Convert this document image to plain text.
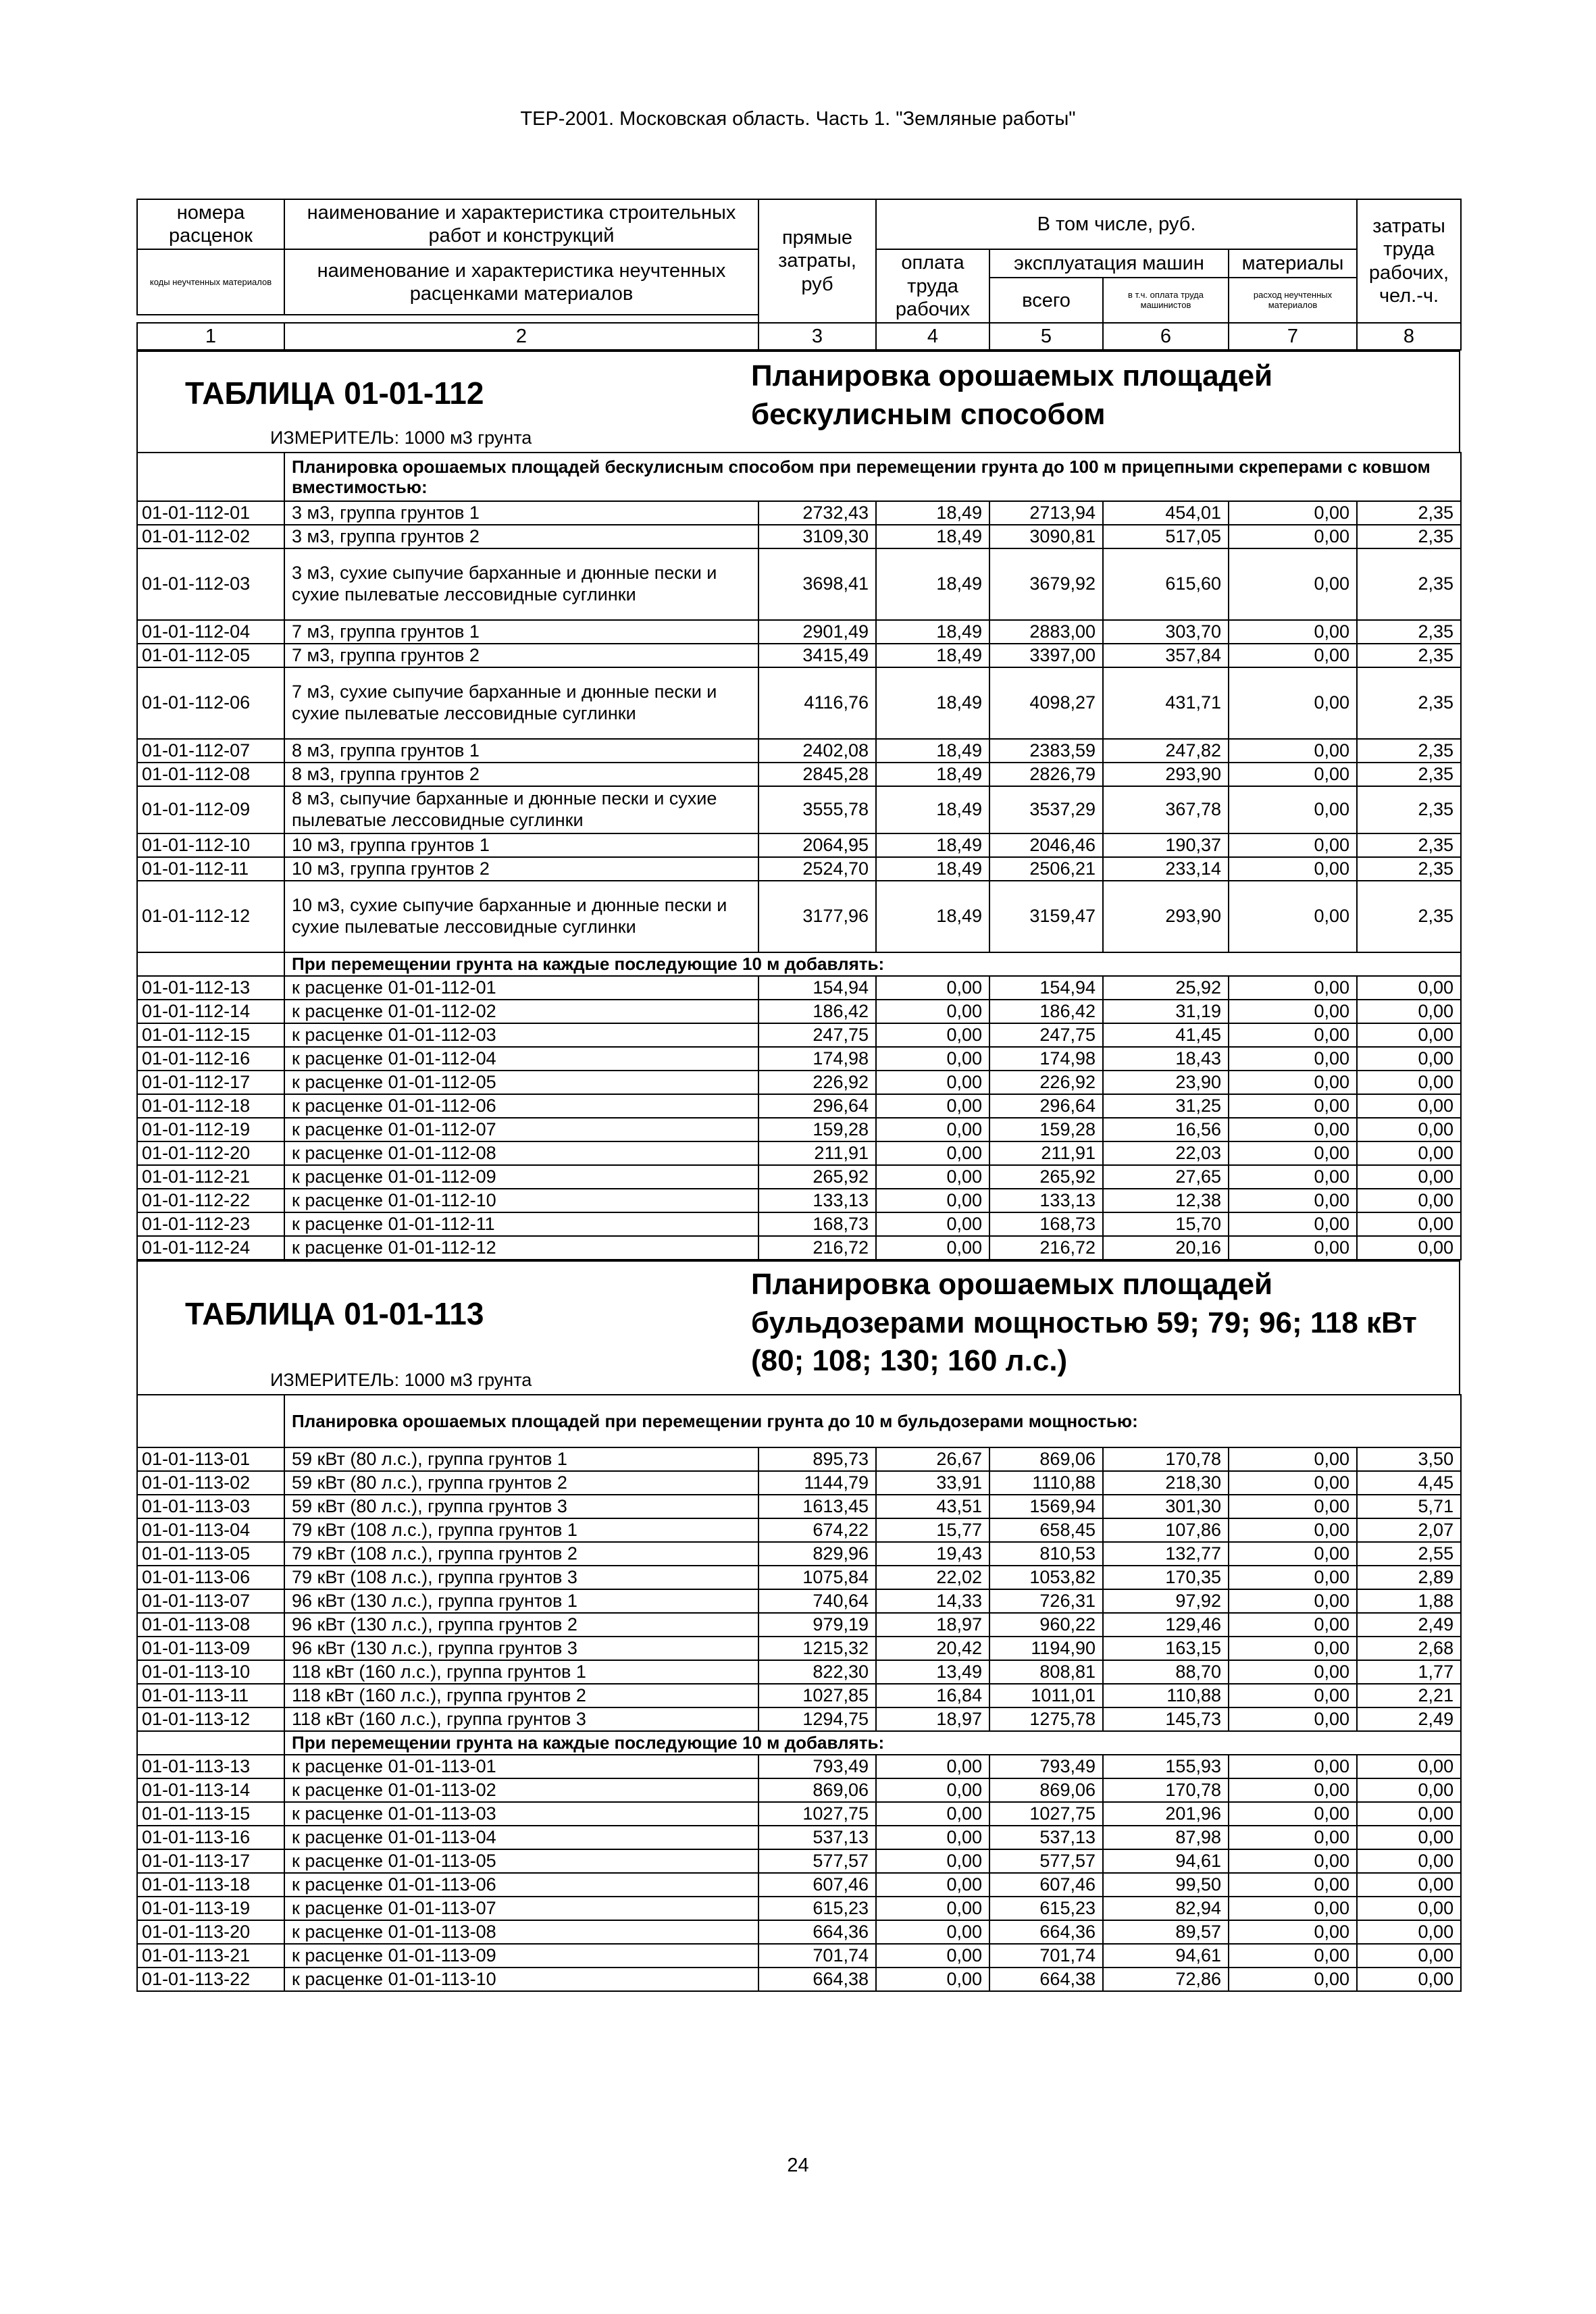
ТЕР-2001. Московская область. Часть 1. "Земляные работы"
номера расценок	наименование и характеристика строительных работ и конструкций	прямые затраты, руб	В том числе, руб.				затраты труда рабочих, чел.-ч.
коды неучтенных материалов	наименование и характеристика неучтенных расценками материалов		оплата труда рабочих	эксплуатация машин		материалы	
				всего	в т.ч. оплата труда машинистов	расход неучтенных материалов	

1	2	3	4	5	6	7	8
ТАБЛИЦА 01-01-112	Планировка орошаемых площадей бескулисным способом
ИЗМЕРИТЕЛЬ: 1000 м3 грунта
	Планировка орошаемых площадей бескулисным способом при перемещении грунта до 100 м прицепными скреперами с ковшом вместимостью:						
01-01-112-01	3 м3, группа грунтов 1	2732,43	18,49	2713,94	454,01	0,00	2,35
01-01-112-02	3 м3, группа грунтов 2	3109,30	18,49	3090,81	517,05	0,00	2,35
01-01-112-03	3 м3, сухие сыпучие барханные и дюнные пески и сухие пылеватые лессовидные суглинки	3698,41	18,49	3679,92	615,60	0,00	2,35
01-01-112-04	7 м3, группа грунтов 1	2901,49	18,49	2883,00	303,70	0,00	2,35
01-01-112-05	7 м3, группа грунтов 2	3415,49	18,49	3397,00	357,84	0,00	2,35
01-01-112-06	7 м3, сухие сыпучие барханные и дюнные пески и сухие пылеватые лессовидные суглинки	4116,76	18,49	4098,27	431,71	0,00	2,35
01-01-112-07	8 м3, группа грунтов 1	2402,08	18,49	2383,59	247,82	0,00	2,35
01-01-112-08	8 м3, группа грунтов 2	2845,28	18,49	2826,79	293,90	0,00	2,35
01-01-112-09	8 м3, сыпучие барханные и дюнные пески и сухие пылеватые лессовидные суглинки	3555,78	18,49	3537,29	367,78	0,00	2,35
01-01-112-10	10 м3, группа грунтов 1	2064,95	18,49	2046,46	190,37	0,00	2,35
01-01-112-11	10 м3, группа грунтов 2	2524,70	18,49	2506,21	233,14	0,00	2,35
01-01-112-12	10 м3, сухие сыпучие барханные и дюнные пески и сухие пылеватые лессовидные суглинки	3177,96	18,49	3159,47	293,90	0,00	2,35
	При перемещении грунта на каждые последующие 10 м добавлять:						
01-01-112-13	к расценке 01-01-112-01	154,94	0,00	154,94	25,92	0,00	0,00
01-01-112-14	к расценке 01-01-112-02	186,42	0,00	186,42	31,19	0,00	0,00
01-01-112-15	к расценке 01-01-112-03	247,75	0,00	247,75	41,45	0,00	0,00
01-01-112-16	к расценке 01-01-112-04	174,98	0,00	174,98	18,43	0,00	0,00
01-01-112-17	к расценке 01-01-112-05	226,92	0,00	226,92	23,90	0,00	0,00
01-01-112-18	к расценке 01-01-112-06	296,64	0,00	296,64	31,25	0,00	0,00
01-01-112-19	к расценке 01-01-112-07	159,28	0,00	159,28	16,56	0,00	0,00
01-01-112-20	к расценке 01-01-112-08	211,91	0,00	211,91	22,03	0,00	0,00
01-01-112-21	к расценке 01-01-112-09	265,92	0,00	265,92	27,65	0,00	0,00
01-01-112-22	к расценке 01-01-112-10	133,13	0,00	133,13	12,38	0,00	0,00
01-01-112-23	к расценке 01-01-112-11	168,73	0,00	168,73	15,70	0,00	0,00
01-01-112-24	к расценке 01-01-112-12	216,72	0,00	216,72	20,16	0,00	0,00
ТАБЛИЦА 01-01-113
Планировка орошаемых площадей бульдозерами мощностью 59; 79; 96; 118 кВт (80; 108; 130; 160 л.с.)
ИЗМЕРИТЕЛЬ: 1000 м3 грунта
	Планировка орошаемых площадей при перемещении грунта до 10 м бульдозерами мощностью:						
01-01-113-01	59 кВт (80 л.с.), группа грунтов 1	895,73	26,67	869,06	170,78	0,00	3,50
01-01-113-02	59 кВт (80 л.с.), группа грунтов 2	1144,79	33,91	1110,88	218,30	0,00	4,45
01-01-113-03	59 кВт (80 л.с.), группа грунтов 3	1613,45	43,51	1569,94	301,30	0,00	5,71
01-01-113-04	79 кВт (108 л.с.), группа грунтов 1	674,22	15,77	658,45	107,86	0,00	2,07
01-01-113-05	79 кВт (108 л.с.), группа грунтов 2	829,96	19,43	810,53	132,77	0,00	2,55
01-01-113-06	79 кВт (108 л.с.), группа грунтов 3	1075,84	22,02	1053,82	170,35	0,00	2,89
01-01-113-07	96 кВт (130 л.с.), группа грунтов 1	740,64	14,33	726,31	97,92	0,00	1,88
01-01-113-08	96 кВт (130 л.с.), группа грунтов 2	979,19	18,97	960,22	129,46	0,00	2,49
01-01-113-09	96 кВт (130 л.с.), группа грунтов 3	1215,32	20,42	1194,90	163,15	0,00	2,68
01-01-113-10	118 кВт (160 л.с.), группа грунтов 1	822,30	13,49	808,81	88,70	0,00	1,77
01-01-113-11	118 кВт (160 л.с.), группа грунтов 2	1027,85	16,84	1011,01	110,88	0,00	2,21
01-01-113-12	118 кВт (160 л.с.), группа грунтов 3	1294,75	18,97	1275,78	145,73	0,00	2,49
	При перемещении грунта на каждые последующие 10 м добавлять:						
01-01-113-13	к расценке 01-01-113-01	793,49	0,00	793,49	155,93	0,00	0,00
01-01-113-14	к расценке 01-01-113-02	869,06	0,00	869,06	170,78	0,00	0,00
01-01-113-15	к расценке 01-01-113-03	1027,75	0,00	1027,75	201,96	0,00	0,00
01-01-113-16	к расценке 01-01-113-04	537,13	0,00	537,13	87,98	0,00	0,00
01-01-113-17	к расценке 01-01-113-05	577,57	0,00	577,57	94,61	0,00	0,00
01-01-113-18	к расценке 01-01-113-06	607,46	0,00	607,46	99,50	0,00	0,00
01-01-113-19	к расценке 01-01-113-07	615,23	0,00	615,23	82,94	0,00	0,00
01-01-113-20	к расценке 01-01-113-08	664,36	0,00	664,36	89,57	0,00	0,00
01-01-113-21	к расценке 01-01-113-09	701,74	0,00	701,74	94,61	0,00	0,00
01-01-113-22	к расценке 01-01-113-10	664,38	0,00	664,38	72,86	0,00	0,00
24
